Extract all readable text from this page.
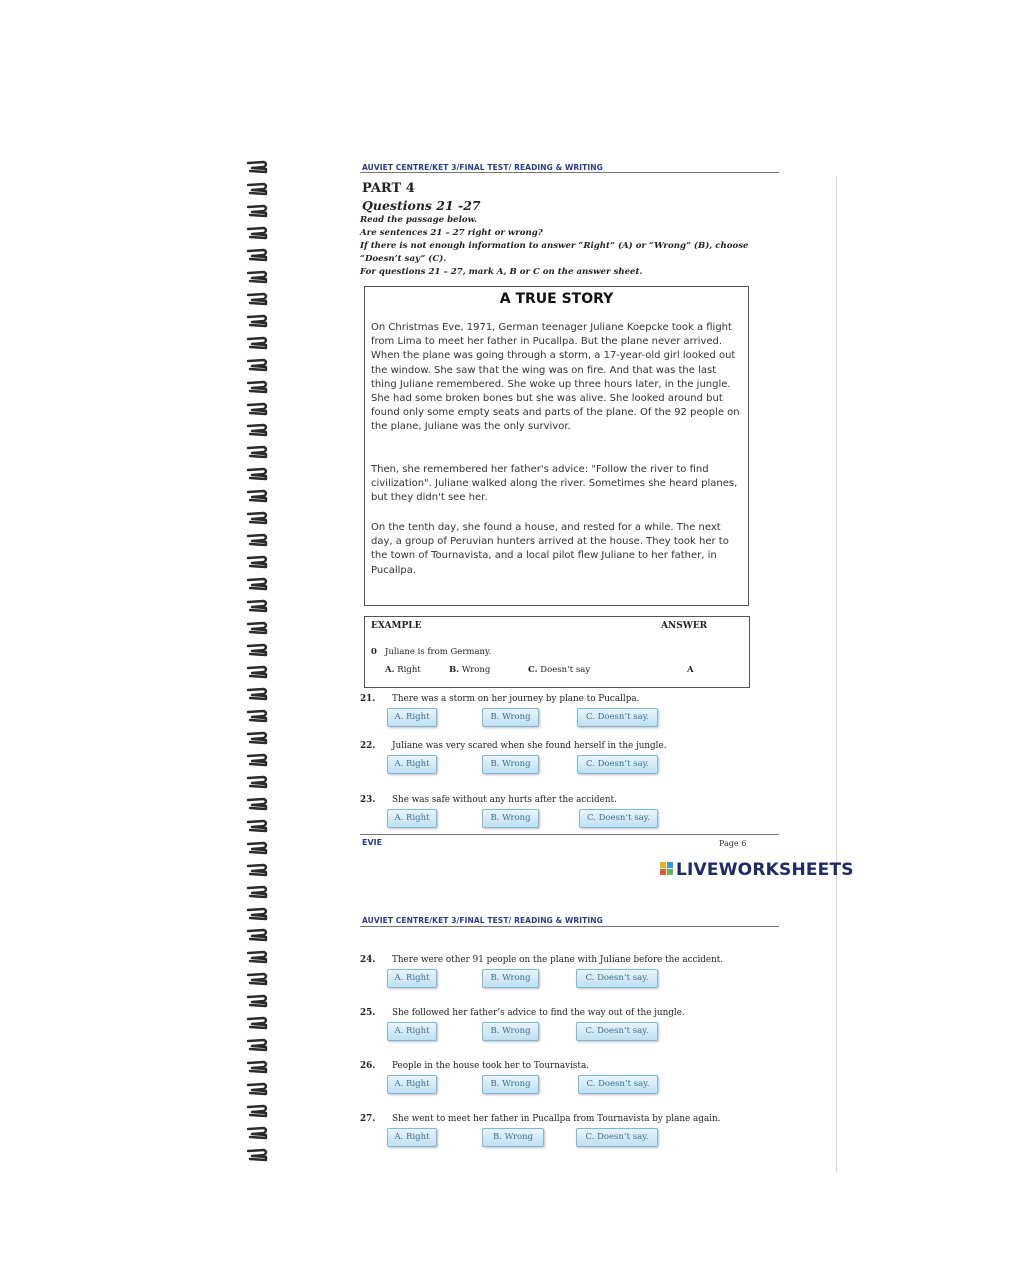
AUVIET CENTRE/KET 3/FINAL TEST/ READING & WRITING
PART 4
Questions 21 -27
Read the passage below.
Are sentences 21 – 27 right or wrong?
If there is not enough information to answer “Right” (A) or “Wrong” (B), choose
“Doesn’t say” (C).
For questions 21 – 27, mark A, B or C on the answer sheet.
A TRUE STORY

On Christmas Eve, 1971, German teenager Juliane Koepcke took a flight from Lima to meet her father in Pucallpa. But the plane never arrived. When the plane was going through a storm, a 17-year-old girl looked out the window. She saw that the wing was on fire. And that was the last thing Juliane remembered. She woke up three hours later, in the jungle. She had some broken bones but she was alive. She looked around but found only some empty seats and parts of the plane. Of the 92 people on the plane, Juliane was the only survivor.

Then, she remembered her father's advice: "Follow the river to find civilization". Juliane walked along the river. Sometimes she heard planes, but they didn't see her.

On the tenth day, she found a house, and rested for a while. The next day, a group of Peruvian hunters arrived at the house. They took her to the town of Tournavista, and a local pilot flew Juliane to her father, in Pucallpa.

EXAMPLE	ANSWER
0 Juliane is from Germany.
A. Right	B. Wrong	C. Doesn’t say	A
21. There was a storm on her journey by plane to Pucallpa.
A. Right	B. Wrong	C. Doesn’t say.
22. Juliane was very scared when she found herself in the jungle.
A. Right	B. Wrong	C. Doesn’t say.
23. She was safe without any hurts after the accident.
A. Right	B. Wrong	C. Doesn’t say.
EVIE	Page 6
LIVEWORKSHEETS
AUVIET CENTRE/KET 3/FINAL TEST/ READING & WRITING
24. There were other 91 people on the plane with Juliane before the accident.
A. Right	B. Wrong	C. Doesn’t say.
25. She followed her father’s advice to find the way out of the jungle.
A. Right	B. Wrong	C. Doesn’t say.
26. People in the house took her to Tournavista.
A. Right	B. Wrong	C. Doesn’t say.
27. She went to meet her father in Pucallpa from Tournavista by plane again.
A. Right	B. Wrong	C. Doesn’t say.
